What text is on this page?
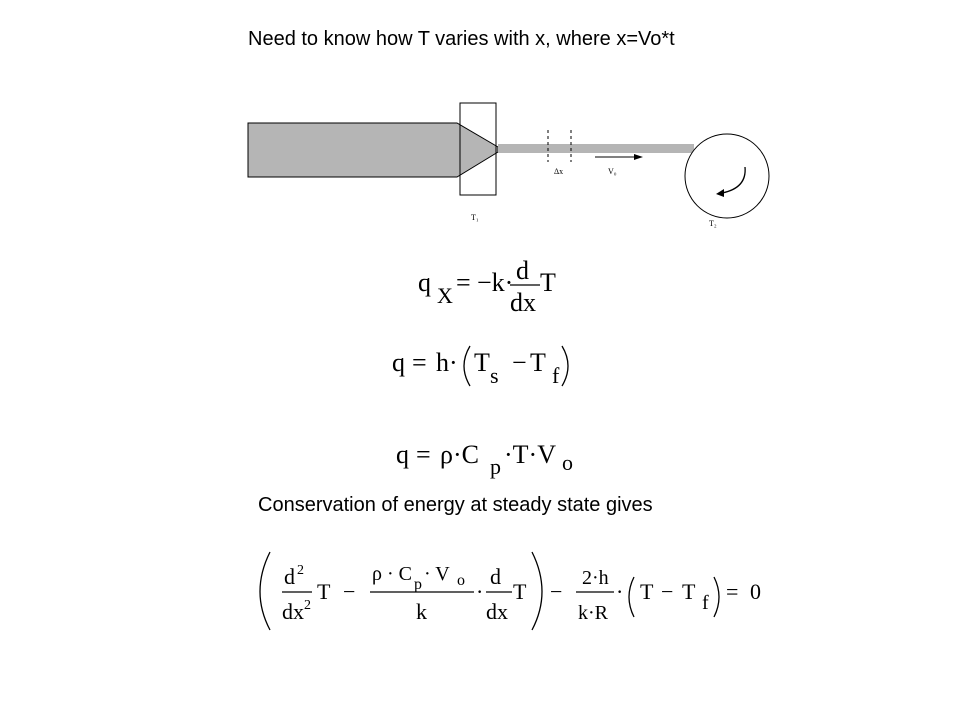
Need to know how T varies with x, where x=Vo*t
T₁
Δx	V₀
T₂
q X = −k· d
dx
T
q = h· T s − T f
q = ρ·C p ·T·V o
d 2
dx 2
T −
ρ · C p · V o
k
·
d
dx
T −
2·h
k·R
· T − T f = 0
Conservation of energy at steady state gives
